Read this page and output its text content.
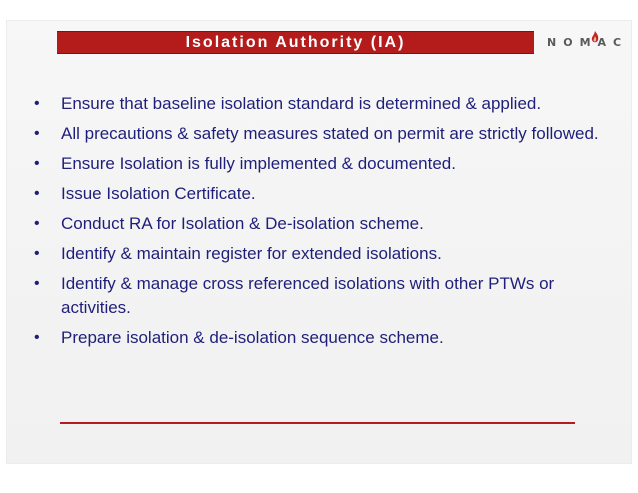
Isolation Authority (IA)	N O M A C
• Ensure that baseline isolation standard is determined & applied.
• All precautions & safety measures stated on permit are strictly followed.
• Ensure Isolation is fully implemented & documented.
• Issue Isolation Certificate.
• Conduct RA for Isolation & De-isolation scheme.
• Identify & maintain register for extended isolations.
• Identify & manage cross referenced isolations with other PTWs or activities.
• Prepare isolation & de-isolation sequence scheme.
